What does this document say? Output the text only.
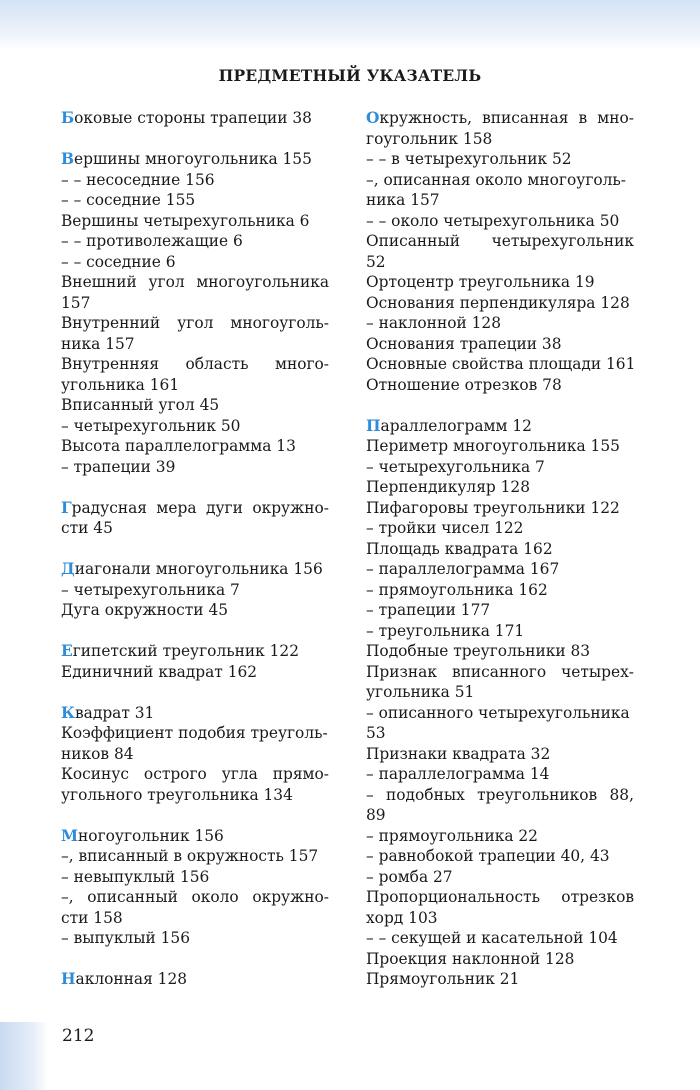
ПРЕДМЕТНЫЙ УКАЗАТЕЛЬ
Боковые стороны трапеции 38
Вершины многоугольника 155
– – несоседние 156
– – соседние 155
Вершины четырехугольника 6
– – противолежащие 6
– – соседние 6
Внешний угол многоугольника
157
Внутренний угол многоуголь-
ника 157
Внутренняя область много-
угольника 161
Вписанный угол 45
– четырехугольник 50
Высота параллелограмма 13
– трапеции 39
Градусная мера дуги окружно-
сти 45
Диагонали многоугольника 156
– четырехугольника 7
Дуга окружности 45
Египетский треугольник 122
Единичний квадрат 162
Квадрат 31
Коэффициент подобия треуголь-
ников 84
Косинус острого угла прямо-
угольного треугольника 134
Многоугольник 156
–, вписанный в окружность 157
– невыпуклый 156
–, описанный около окружно-
сти 158
– выпуклый 156
Наклонная 128
Окружность, вписанная в мно-
гоугольник 158
– – в четырехугольник 52
–, описанная около многоуголь-
ника 157
– – около четырехугольника 50
Описанный четырехугольник
52
Ортоцентр треугольника 19
Основания перпендикуляра 128
– наклонной 128
Основания трапеции 38
Основные свойства площади 161
Отношение отрезков 78
Параллелограмм 12
Периметр многоугольника 155
– четырехугольника 7
Перпендикуляр 128
Пифагоровы треугольники 122
– тройки чисел 122
Площадь квадрата 162
– параллелограмма 167
– прямоугольника 162
– трапеции 177
– треугольника 171
Подобные треугольники 83
Признак вписанного четырех-
угольника 51
– описанного четырехугольника
53
Признаки квадрата 32
– параллелограмма 14
– подобных треугольников 88,
89
– прямоугольника 22
– равнобокой трапеции 40, 43
– ромба 27
Пропорциональность отрезков
хорд 103
– – секущей и касательной 104
Проекция наклонной 128
Прямоугольник 21
212
